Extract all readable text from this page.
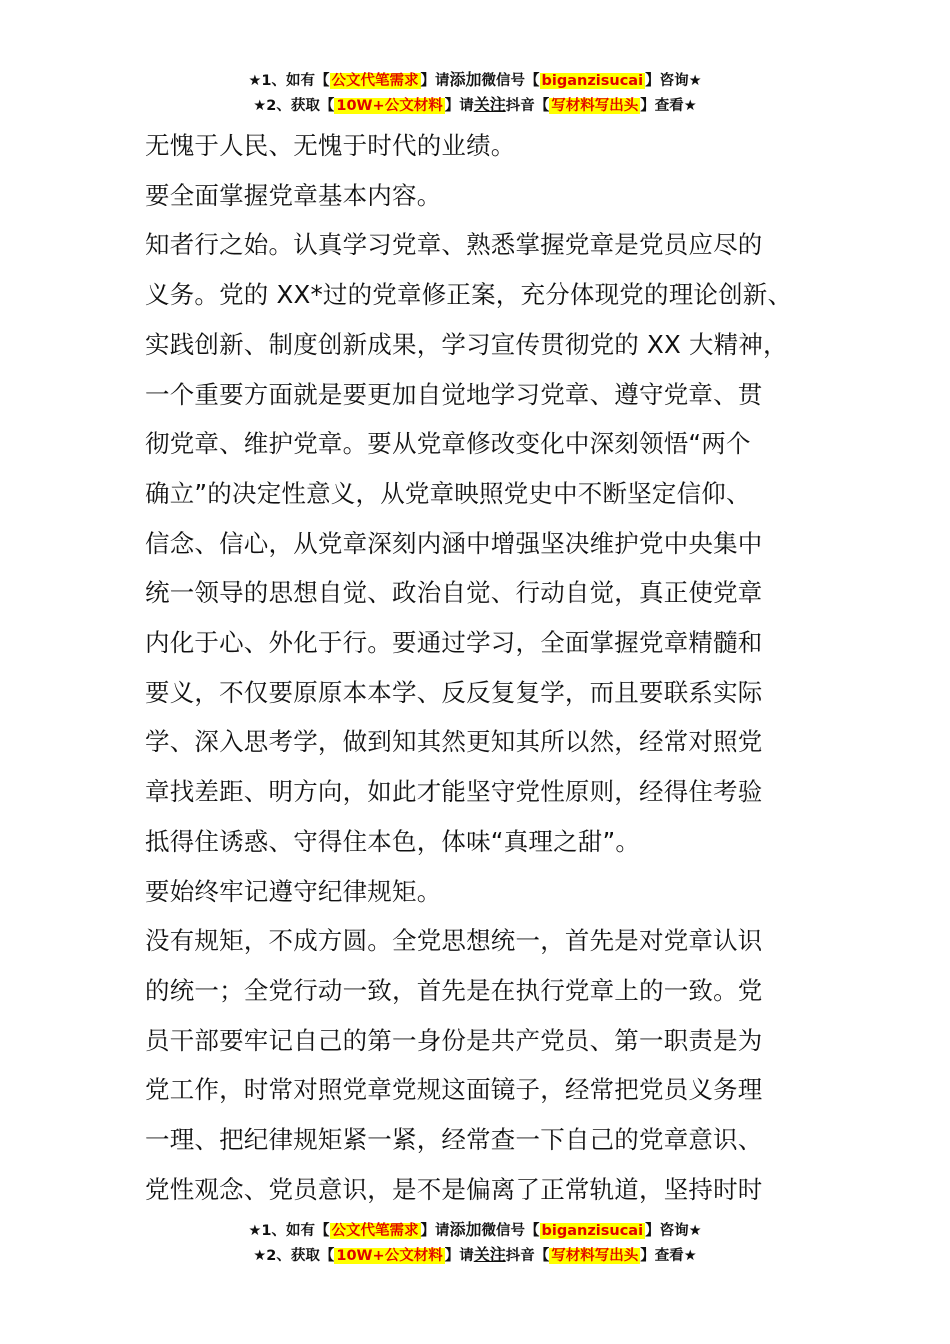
★1、如有【 公文代笔需求 】请添加微信号【 biganzisucai 】咨询★
★2、获取【 10W+公文材料 】请关注抖音【 写材料写出头 】查看★

无愧于人民、无愧于时代的业绩。

要全面掌握党章基本内容。

知者行之始。认真学习党章、熟悉掌握党章是党员应尽的

义务。党的 XX*过的党章修正案，充分体现党的理论创新、

实践创新、制度创新成果，学习宣传贯彻党的 XX 大精神，

一个重要方面就是要更加自觉地学习党章、遵守党章、贯

彻党章、维护党章。要从党章修改变化中深刻领悟“两个

确立”的决定性意义，从党章映照党史中不断坚定信仰、

信念、信心，从党章深刻内涵中增强坚决维护党中央集中

统一领导的思想自觉、政治自觉、行动自觉，真正使党章

内化于心、外化于行。要通过学习，全面掌握党章精髓和

要义，不仅要原原本本学、反反复复学，而且要联系实际

学、深入思考学，做到知其然更知其所以然，经常对照党

章找差距、明方向，如此才能坚守党性原则，经得住考验

抵得住诱惑、守得住本色，体味“真理之甜”。

要始终牢记遵守纪律规矩。

没有规矩，不成方圆。全党思想统一，首先是对党章认识

的统一；全党行动一致，首先是在执行党章上的一致。党

员干部要牢记自己的第一身份是共产党员、第一职责是为

党工作，时常对照党章党规这面镜子，经常把党员义务理

一理、把纪律规矩紧一紧，经常查一下自己的党章意识、

党性观念、党员意识，是不是偏离了正常轨道，坚持时时

★1、如有【 公文代笔需求 】请添加微信号【 biganzisucai 】咨询★
★2、获取【 10W+公文材料 】请关注抖音【 写材料写出头 】查看★
